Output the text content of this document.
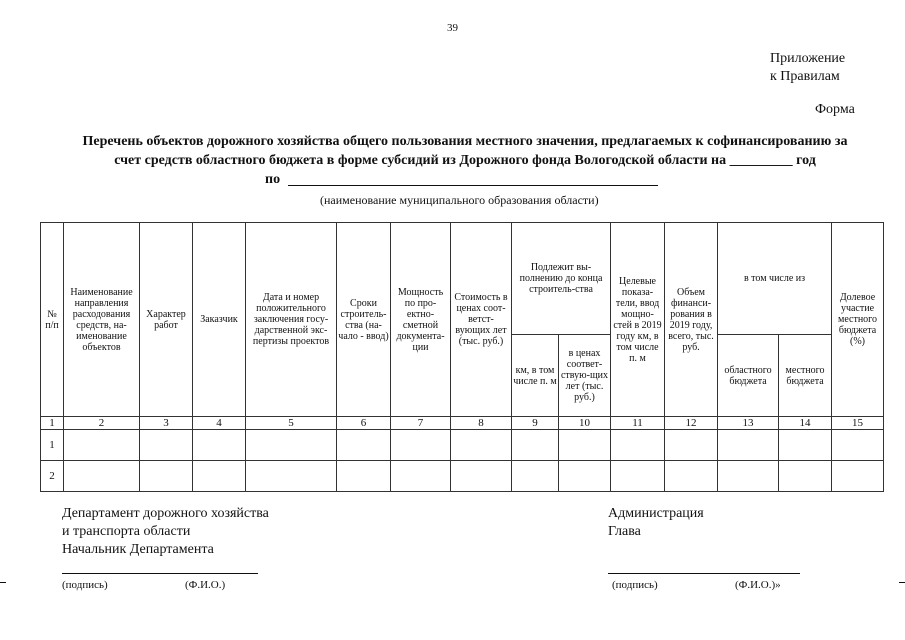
39
Приложение
к Правилам
Форма
Перечень объектов дорожного хозяйства общего пользования местного значения, предлагаемых к софинансированию за
счет средств областного бюджета в форме субсидий из Дорожного фонда Вологодской области на _________ год
по
(наименование муниципального образования области)
№ п/п	Наименование направления расходования средств, на-именование объектов	Характер работ	Заказчик	Дата и номер положительного заключения госу-дарственной экс-пертизы проектов	Сроки строитель-ства (на-чало - ввод)	Мощность по про-ектно-сметной документа-ции	Стоимость в ценах соот-ветст-вующих лет (тыс. руб.)	Подлежит вы-полнению до конца строитель-ства		Целевые показа-тели, ввод мощно-стей в 2019 году км, в том числе п. м	Объем финанси-рования в 2019 году, всего, тыс. руб.	в том числе из		Долевое участие местного бюджета (%)
								км, в том числе п. м	в ценах соответ-ствую-щих лет (тыс. руб.)			областного бюджета	местного бюджета	
1	2	3	4	5	6	7	8	9	10	11	12	13	14	15
1														
2														
Департамент дорожного хозяйства
и транспорта области
Начальник Департамента
(подпись)	(Ф.И.О.)
Администрация
Глава
(подпись)	(Ф.И.О.)»
